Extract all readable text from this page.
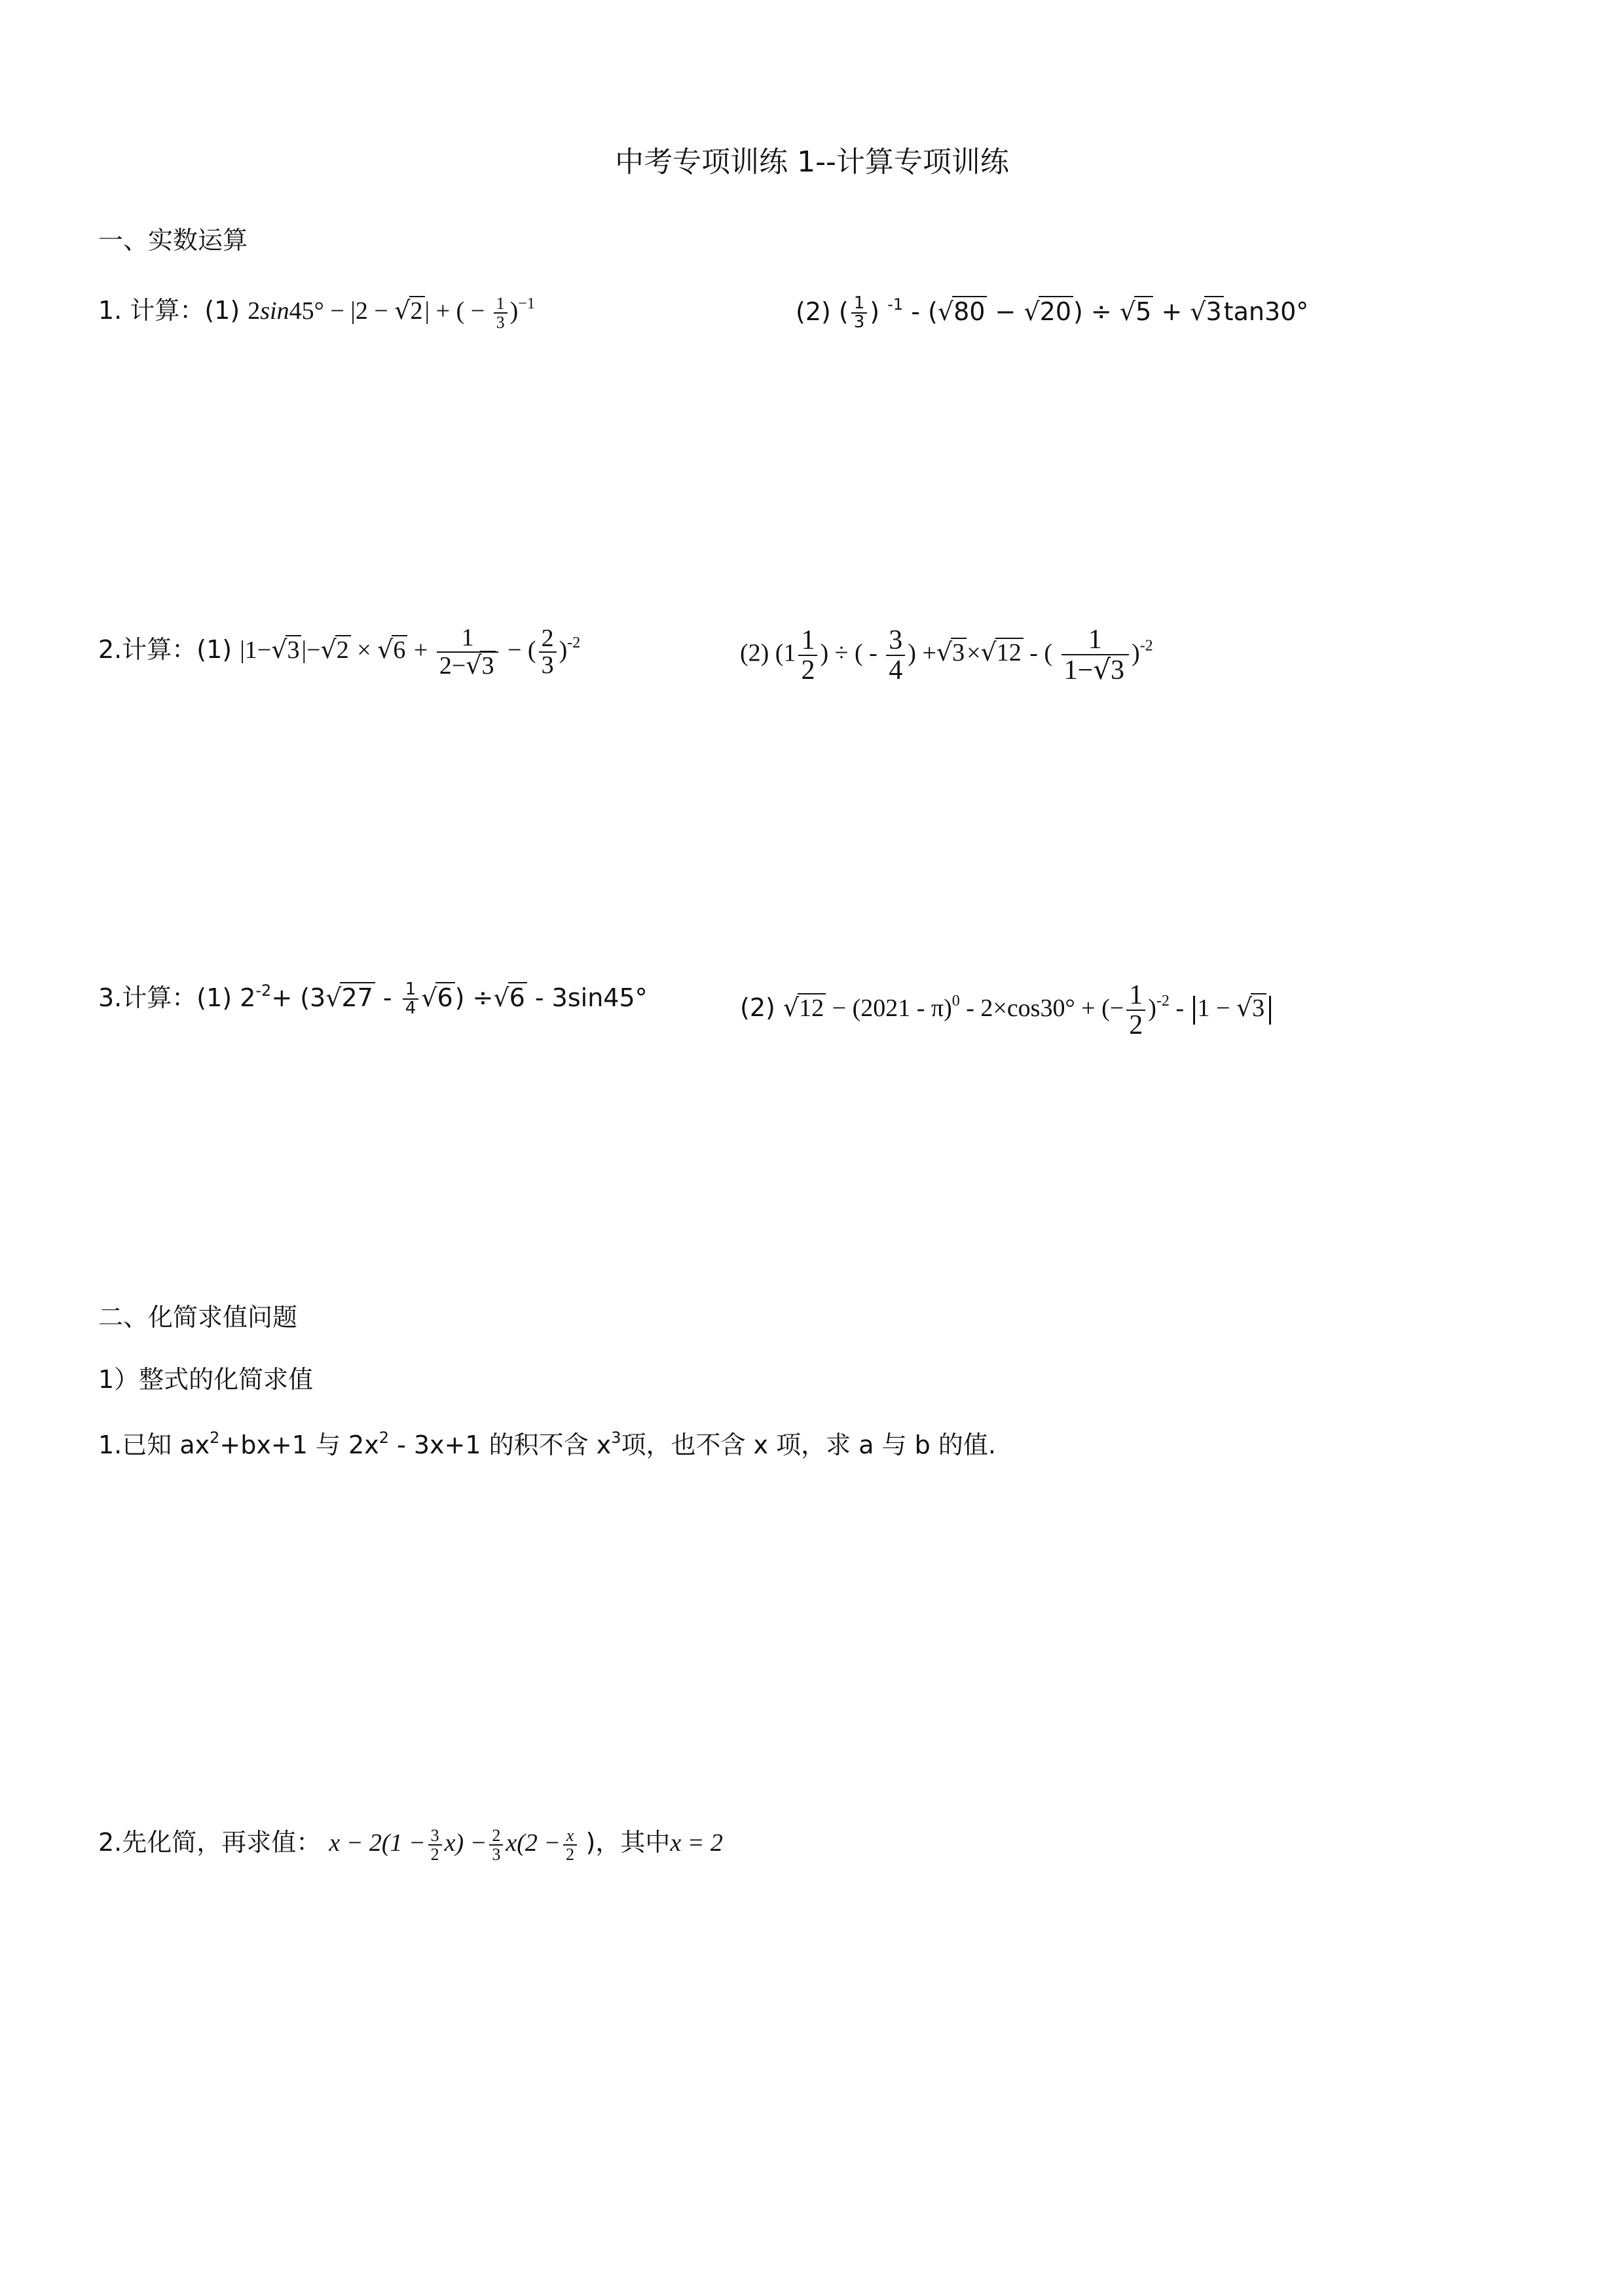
中考专项训练 1--计算专项训练
一、实数运算
1. 计算：(1) 2sin45° − |2 − √2| + ( − $\frac{1}{3} )^{-1}$	(2) ( $\frac{1}{3}$ ) $^{-1}$ - (√80 − √20) ÷ √5 + √3tan30°
2.计算：(1) $|1-√3|-√2 \times √6 + \frac{1}{2-√3}$ − ( $\frac{2}{3} )^{-2}$	(2) ($1 \frac{1}{2}$ ) ÷ ( - $\frac{3}{4}$ ) +√3×√12 - ( $\frac{1}{1-√3} )^{-2}$
3.计算：(1) $2^{-2}+ (3√27 - \frac{1}{4} √6) \div√6 - 3\sin 45^\circ$	(2) √12 − (2021 - π)$^0$ - 2×cos30° + (− $\frac{1}{2} )^{-2} - 1 - √3$
二、化简求值问题
1）整式的化简求值
1.已知 $ax^2+bx+1$ 与 $2x^2 - 3x+1$ 的积不含 $x^3$项，也不含 x 项，求 a 与 b 的值.
2.先化简，再求值： $x - 2(1 - \frac{3}{2} x) - \frac{2}{3} x(2 - \frac{x}{2}$ )，其中x = 2
